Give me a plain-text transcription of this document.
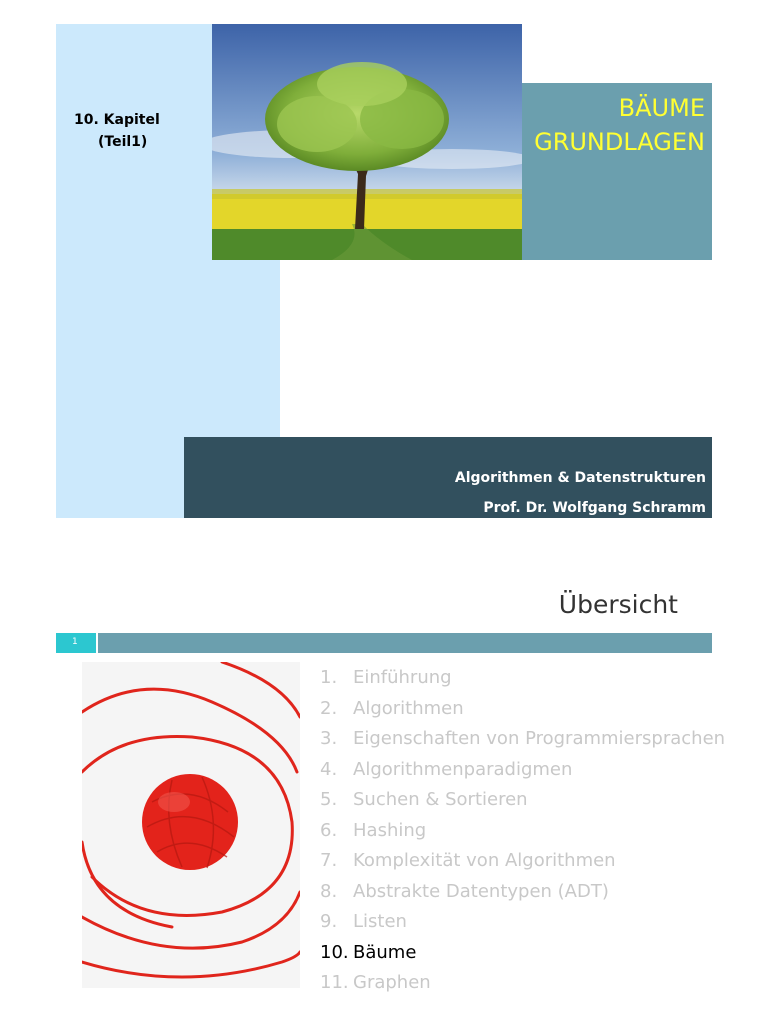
10. Kapitel
(Teil1)
BÄUME
GRUNDLAGEN
Algorithmen & Datenstrukturen
Prof. Dr. Wolfgang Schramm
Übersicht
1
1. Einführung
2. Algorithmen
3. Eigenschaften von Programmiersprachen
4. Algorithmenparadigmen
5. Suchen & Sortieren
6. Hashing
7. Komplexität von Algorithmen
8. Abstrakte Datentypen (ADT)
9. Listen
10. Bäume
11. Graphen
